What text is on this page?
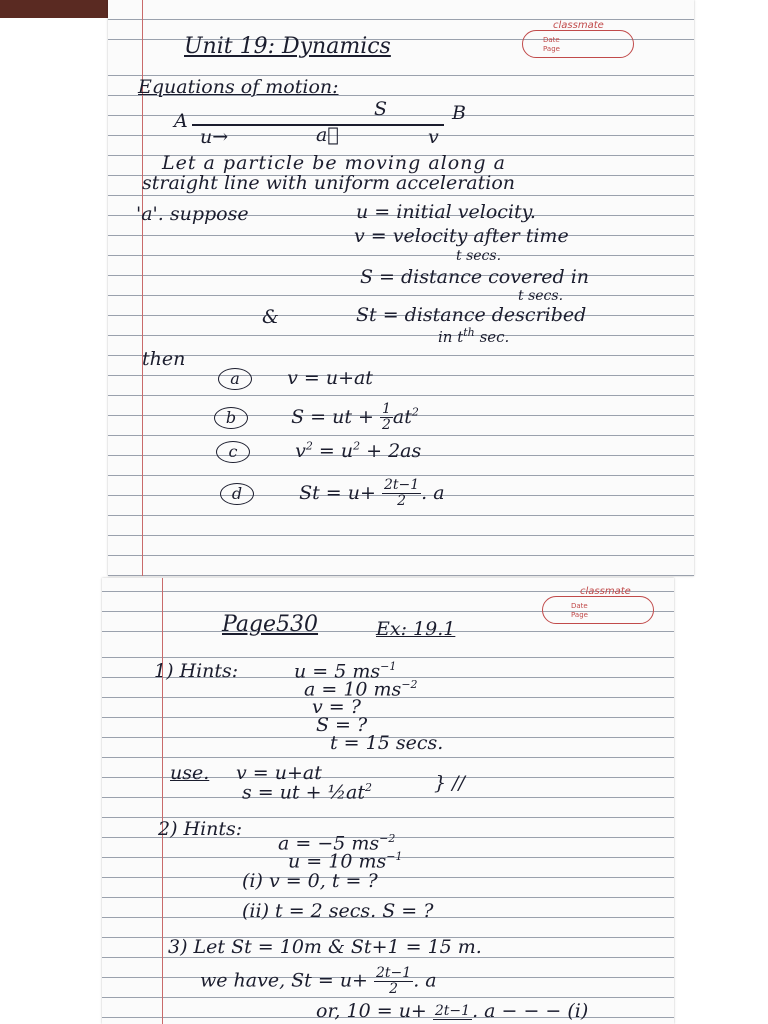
Date
Page
classmate
Unit 19: Dynamics
Equations of motion:
A
S	B
u→	a⃗	v
Let a particle be moving along a
straight line with uniform acceleration
'a'. suppose	u = initial velocity.
v = velocity after time
t secs.
S = distance covered in
t secs.
&	St = distance described
in $t^{th}$ sec.
then
a v = u+at
b	S = ut + $\frac{1}{2} at^2$
c	$v^2 = u^2 + 2as$
d	$St = u+ \frac{2t-1}{2}$ . a
Date
Page
classmate
Page530	Ex: 19.1
1) Hints:	u = 5 $ms^{-1}$
a = 10 $ms^{-2}$
v = ?
S = ?
t = 15 secs.
use. v = u+at
s = ut + $\frac{1}{2}at^2$	} //
2) Hints:
a = −5 $ms^{-2}$
u = 10 $ms^{-1}$
(i) v = 0, t = ?
(ii) t = 2 secs. S = ?
3) Let St = 10m & St+1 = 15 m.
we have, $St = u+ \frac{2t-1}{2}$ . a
or, 10 = u+ 2t−1 . a − − − (i)
